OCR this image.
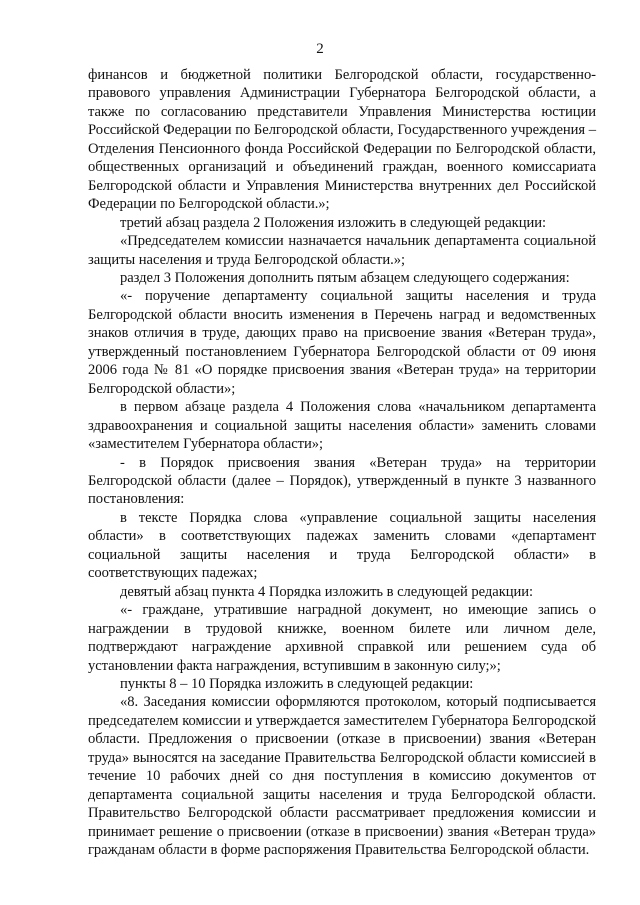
2

финансов и бюджетной политики Белгородской области, государственно-правового управления Администрации Губернатора Белгородской области, а также по согласованию представители Управления Министерства юстиции Российской Федерации по Белгородской области, Государственного учреждения – Отделения Пенсионного фонда Российской Федерации по Белгородской области, общественных организаций и объединений граждан, военного комиссариата Белгородской области и Управления Министерства внутренних дел Российской Федерации по Белгородской области.»;

третий абзац раздела 2 Положения изложить в следующей редакции:

«Председателем комиссии назначается начальник департамента социальной защиты населения и труда Белгородской области.»;

раздел 3 Положения дополнить пятым абзацем следующего содержания:

«- поручение департаменту социальной защиты населения и труда Белгородской области вносить изменения в Перечень наград и ведомственных знаков отличия в труде, дающих право на присвоение звания «Ветеран труда», утвержденный постановлением Губернатора Белгородской области от 09 июня 2006 года № 81 «О порядке присвоения звания «Ветеран труда» на территории Белгородской области»;

в первом абзаце раздела 4 Положения слова «начальником департамента здравоохранения и социальной защиты населения области» заменить словами «заместителем Губернатора области»;

- в Порядок присвоения звания «Ветеран труда» на территории Белгородской области (далее – Порядок), утвержденный в пункте 3 названного постановления:

в тексте Порядка слова «управление социальной защиты населения области» в соответствующих падежах заменить словами «департамент социальной защиты населения и труда Белгородской области» в соответствующих падежах;

девятый абзац пункта 4 Порядка изложить в следующей редакции:

«- граждане, утратившие наградной документ, но имеющие запись о награждении в трудовой книжке, военном билете или личном деле, подтверждают награждение архивной справкой или решением суда об установлении факта награждения, вступившим в законную силу;»;

пункты 8 – 10 Порядка изложить в следующей редакции:

«8. Заседания комиссии оформляются протоколом, который подписывается председателем комиссии и утверждается заместителем Губернатора Белгородской области. Предложения о присвоении (отказе в присвоении) звания «Ветеран труда» выносятся на заседание Правительства Белгородской области комиссией в течение 10 рабочих дней со дня поступления в комиссию документов от департамента социальной защиты населения и труда Белгородской области. Правительство Белгородской области рассматривает предложения комиссии и принимает решение о присвоении (отказе в присвоении) звания «Ветеран труда» гражданам области в форме распоряжения Правительства Белгородской области.
